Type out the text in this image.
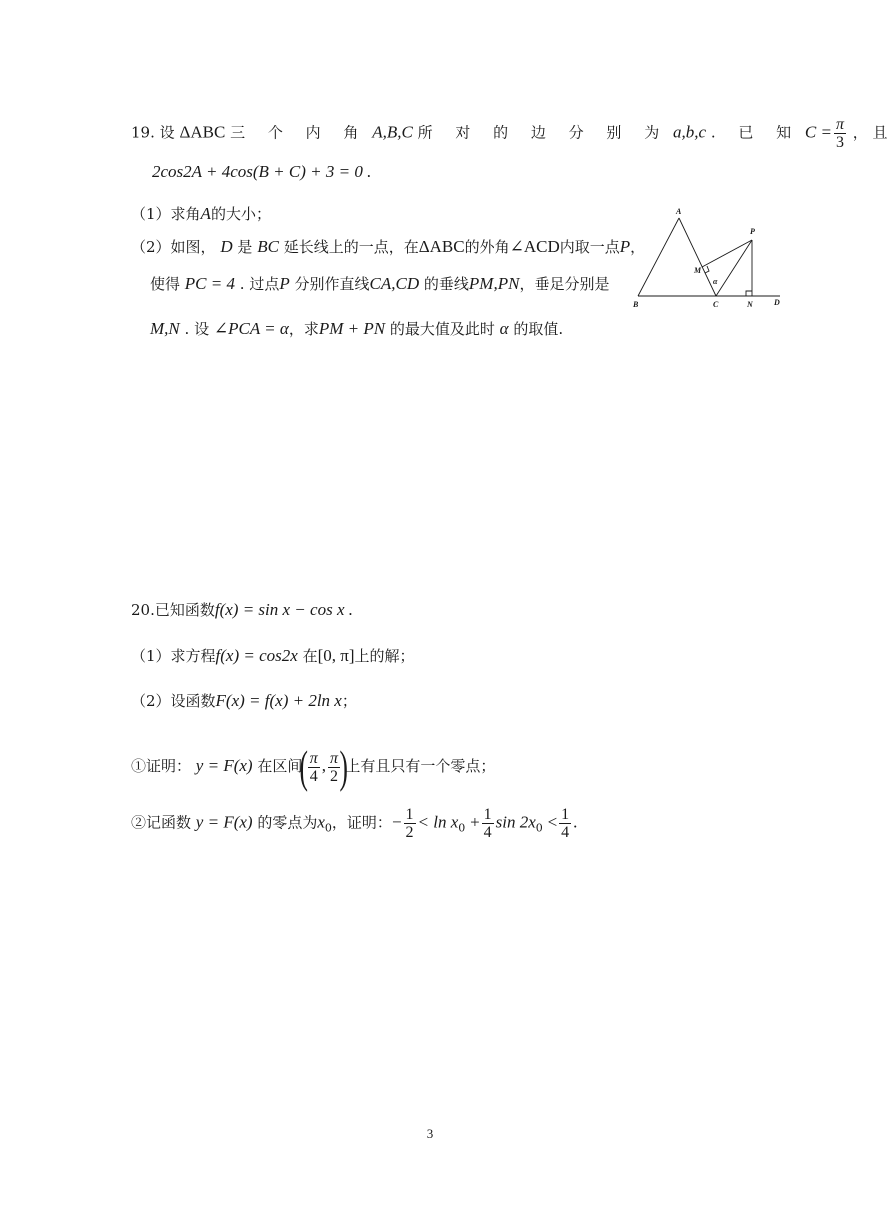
19. 设 ΔABC 三 个 内 角 A,B,C 所 对 的 边 分 别 为 a,b,c . 已 知 $C = \frac{\pi}{3}$ ， 且
2cos2A + 4cos(B + C) + 3 = 0 .
（1）求角A的大小；
（2）如图， D 是 BC 延长线上的一点，在ΔABC的外角∠ACD内取一点P，
使得 PC = 4 . 过点P 分别作直线CA,CD 的垂线PM,PN，垂足分别是
M,N . 设 ∠PCA = α，求PM + PN 的最大值及此时 α 的取值.
A
B	C	D
M
N
P
α
20.已知函数f(x) = sin x − cos x .
（1）求方程f(x) = cos2x 在[0, π]上的解；
（2）设函数F(x) = f(x) + 2ln x；
①证明： y = F(x) 在区间( $\frac{\pi}{4}$ , $\frac{\pi}{2}$ )上有且只有一个零点；
②记函数 y = F(x) 的零点为$x_0$，证明：− $\frac{1}{2} < \ln x_0 + \frac{1}{4}$ $\sin 2x_0 < \frac{1}{4}$ .
3
